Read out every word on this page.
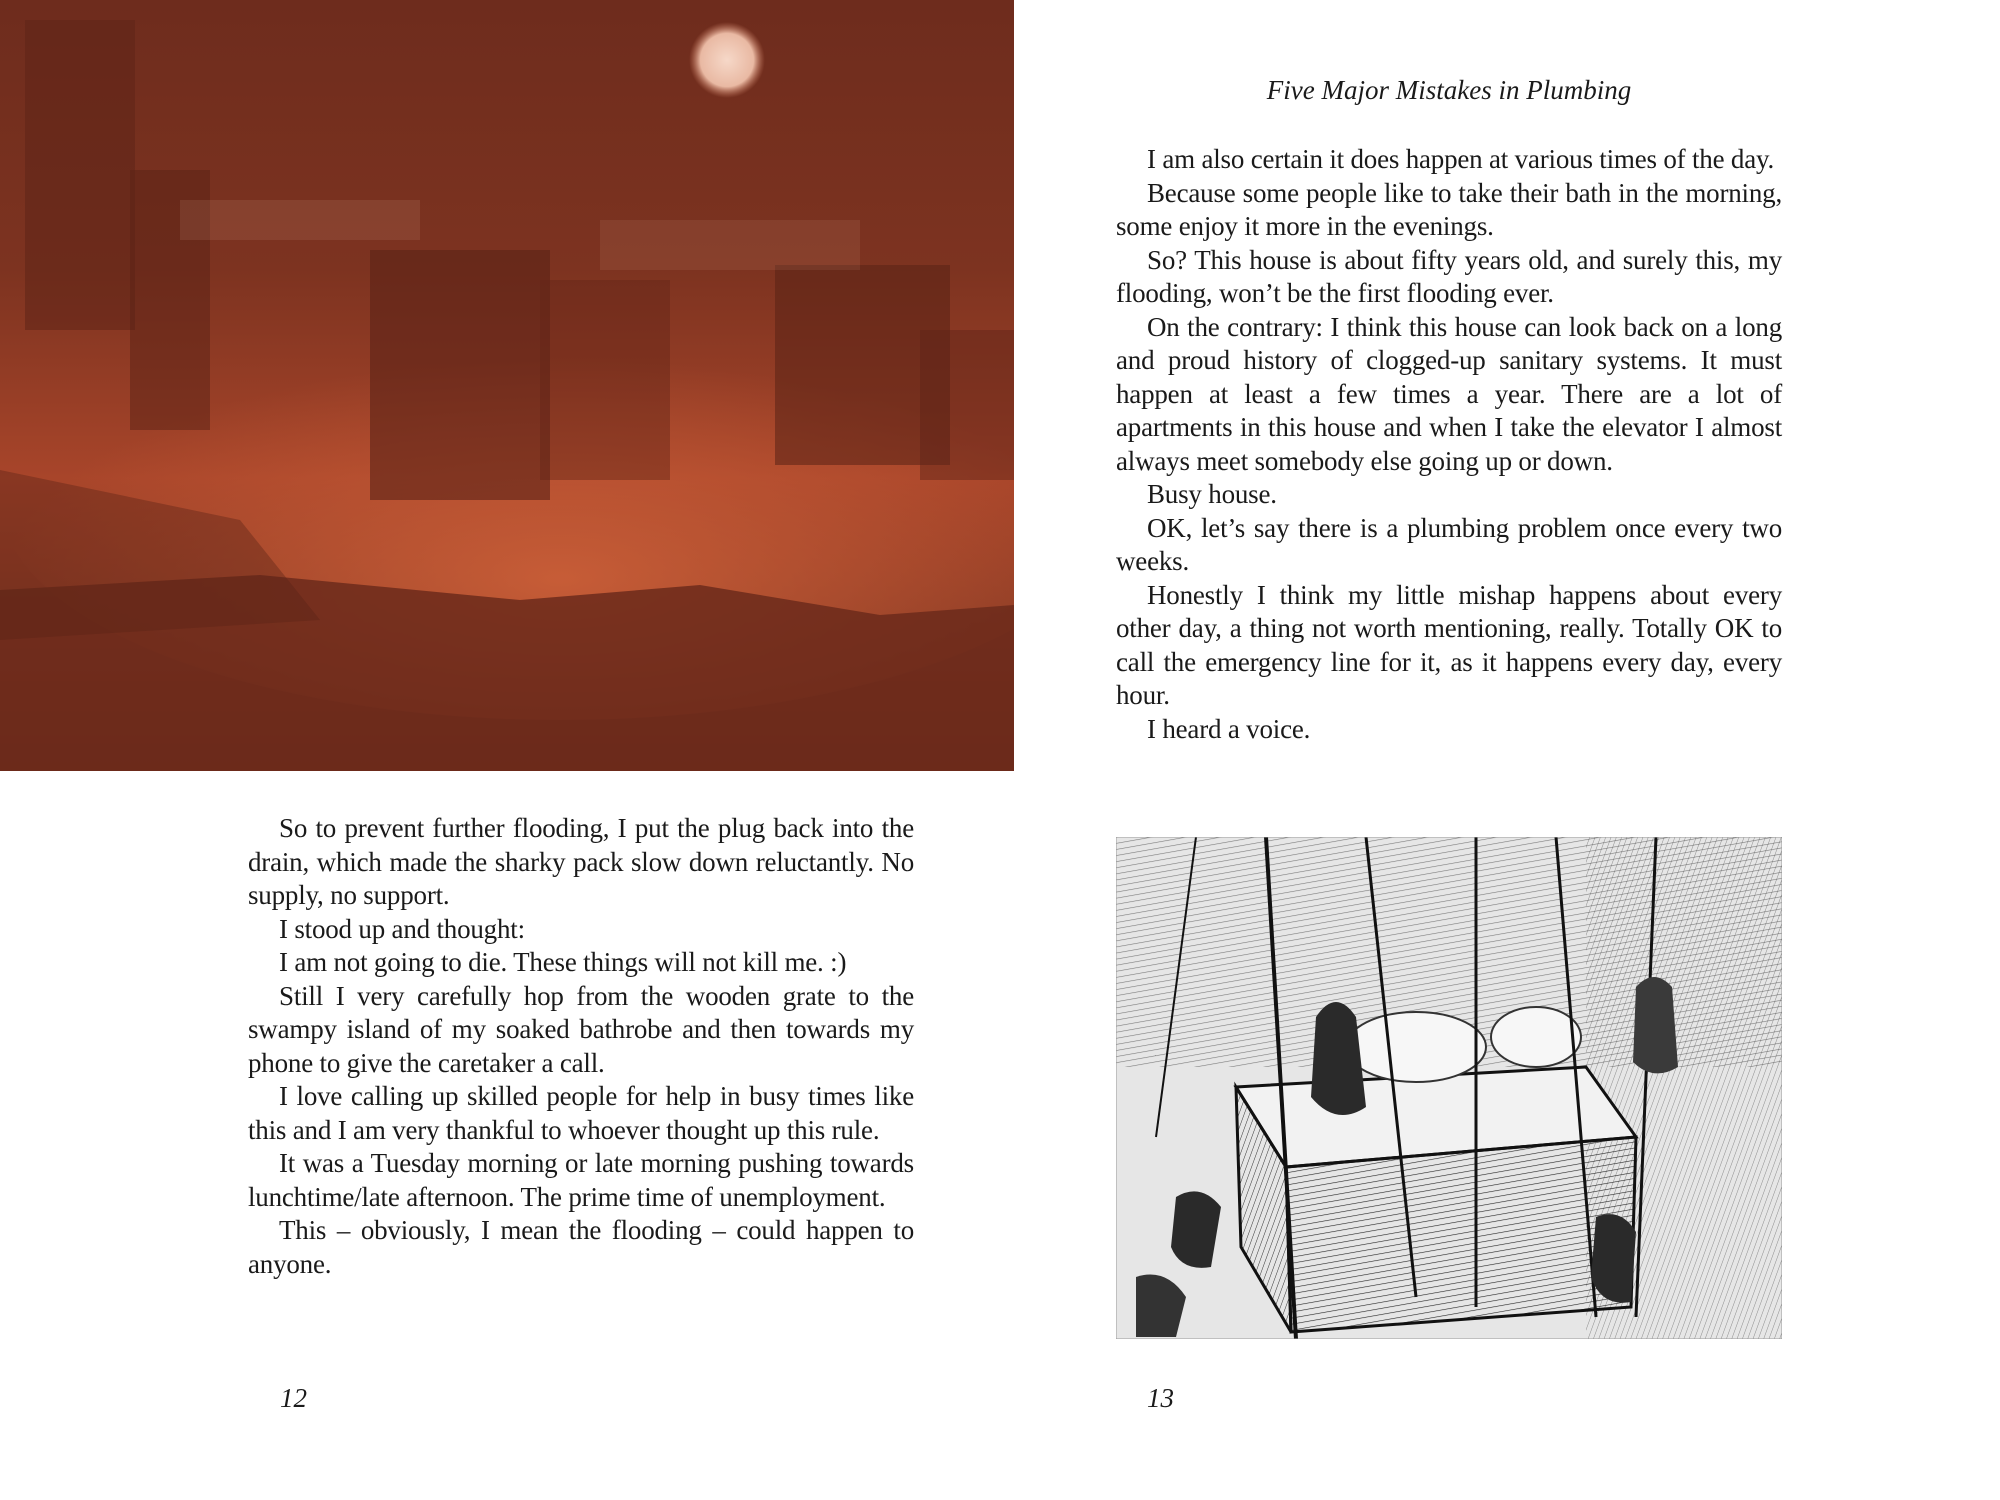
So to prevent further flooding, I put the plug back into the drain, which made the sharky pack slow down reluctantly. No supply, no support.

I stood up and thought:

I am not going to die. These things will not kill me. :)

Still I very carefully hop from the wooden grate to the swampy island of my soaked bathrobe and then towards my phone to give the caretaker a call.

I love calling up skilled people for help in busy times like this and I am very thankful to whoever thought up this rule.

It was a Tuesday morning or late morning pushing towards lunchtime/late afternoon. The prime time of unemployment.

This – obviously, I mean the flooding – could happen to anyone.

12
Five Major Mistakes in Plumbing

I am also certain it does happen at various times of the day.

Because some people like to take their bath in the morning, some enjoy it more in the evenings.

So? This house is about fifty years old, and surely this, my flooding, won’t be the first flooding ever.

On the contrary: I think this house can look back on a long and proud history of clogged-up sanitary systems. It must happen at least a few times a year. There are a lot of apartments in this house and when I take the elevator I almost always meet somebody else going up or down.

Busy house.

OK, let’s say there is a plumbing problem once every two weeks.

Honestly I think my little mishap happens about every other day, a thing not worth mentioning, really. Totally OK to call the emergency line for it, as it happens every day, every hour.

I heard a voice.

13
